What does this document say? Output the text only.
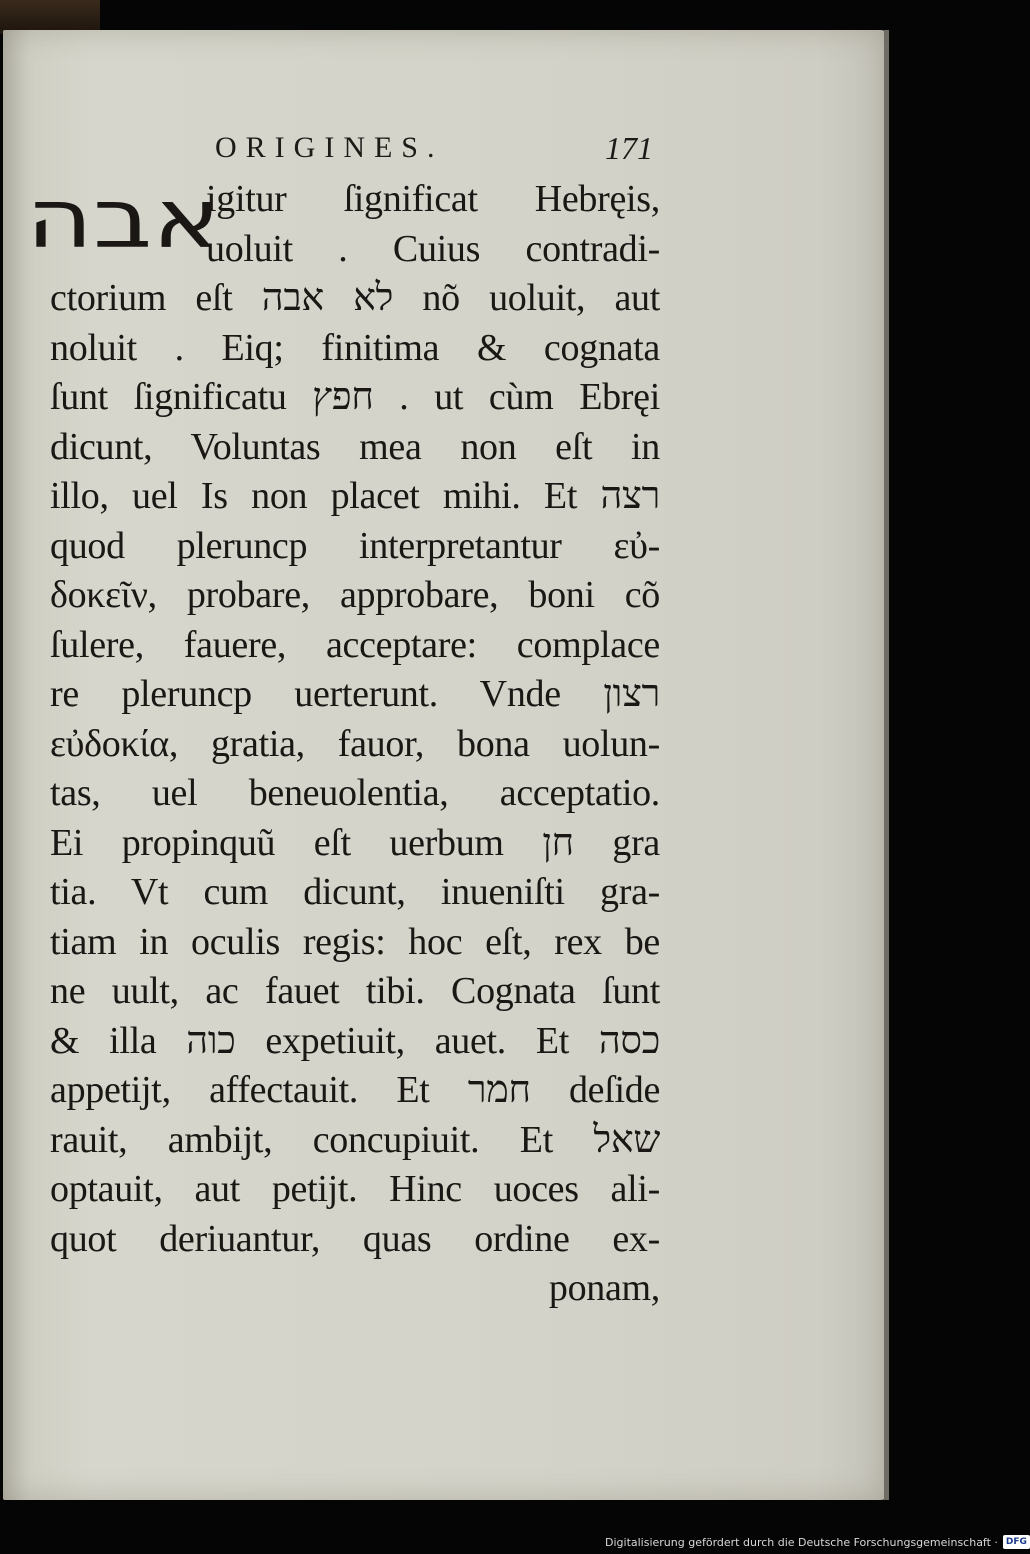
ORIGINES.	171
אבה
igitur ſignificat Hebręis,
uoluit . Cuius contradi-
ctorium eſt לא אבה nõ uoluit, aut
noluit . Eiq; finitima & cognata
ſunt ſignificatu חפץ . ut cùm Ebręi
dicunt, Voluntas mea non eſt in
illo, uel Is non placet mihi. Et רצה
quod pleruncp interpretantur εὐ-
δοκεῖν, probare, approbare, boni cõ
ſulere, fauere, acceptare: complace
re pleruncp uerterunt. Vnde רצון
εὐδοκία, gratia, fauor, bona uolun-
tas, uel beneuolentia, acceptatio.
Ei propinquũ eſt uerbum חן gra
tia. Vt cum dicunt, inueniſti gra-
tiam in oculis regis: hoc eſt, rex be
ne uult, ac fauet tibi. Cognata ſunt
& illa כוה expetiuit, auet. Et כסה
appetijt, affectauit. Et חמר deſide
rauit, ambijt, concupiuit. Et שאל
optauit, aut petijt. Hinc uoces ali-
quot deriuantur, quas ordine ex-
ponam,
Digitalisierung gefördert durch die Deutsche Forschungsgemeinschaft · DFG
